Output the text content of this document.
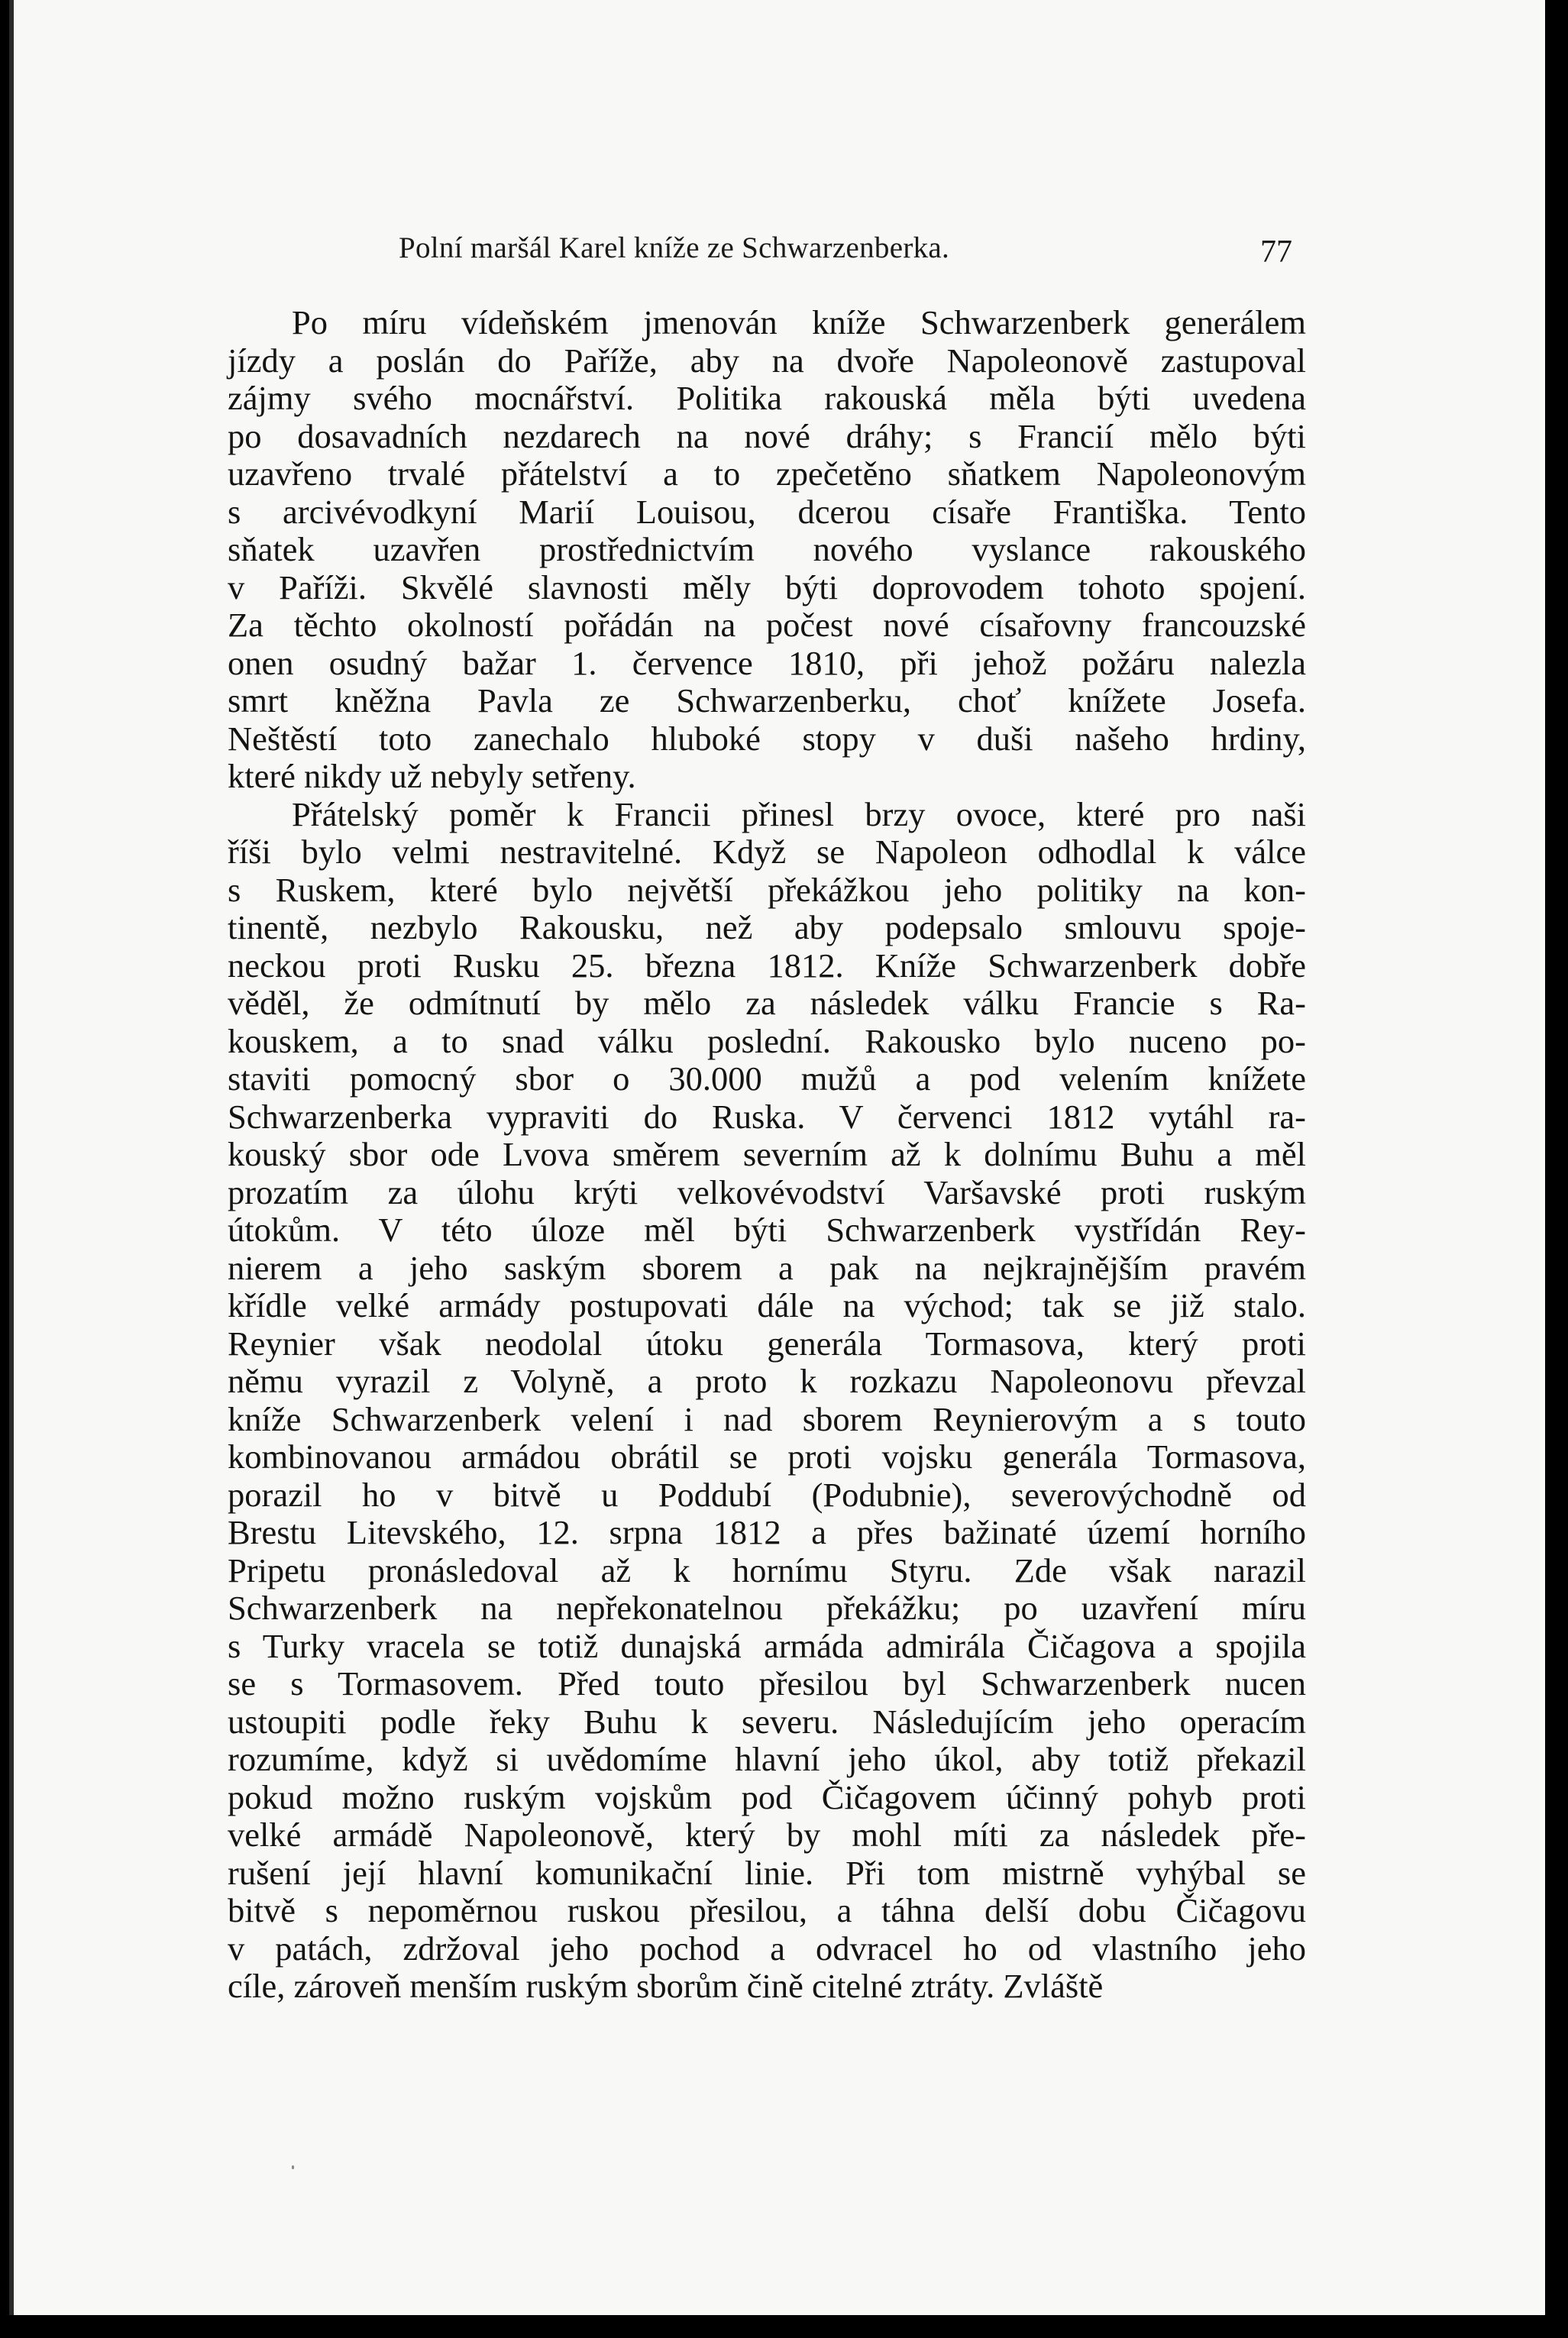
Polní maršál Karel kníže ze Schwarzenberka.	77

Po míru vídeňském jmenován kníže Schwarzenberk generálem
jízdy a poslán do Paříže, aby na dvoře Napoleonově zastupoval
zájmy svého mocnářství. Politika rakouská měla býti uvedena
po dosavadních nezdarech na nové dráhy; s Francií mělo býti
uzavřeno trvalé přátelství a to zpečetěno sňatkem Napoleonovým
s arcivévodkyní Marií Louisou, dcerou císaře Františka. Tento
sňatek uzavřen prostřednictvím nového vyslance rakouského
v Paříži. Skvělé slavnosti měly býti doprovodem tohoto spojení.
Za těchto okolností pořádán na počest nové císařovny francouzské
onen osudný bažar 1. července 1810, při jehož požáru nalezla
smrt kněžna Pavla ze Schwarzenberku, choť knížete Josefa.
Neštěstí toto zanechalo hluboké stopy v duši našeho hrdiny,
které nikdy už nebyly setřeny.

Přátelský poměr k Francii přinesl brzy ovoce, které pro naši
říši bylo velmi nestravitelné. Když se Napoleon odhodlal k válce
s Ruskem, které bylo největší překážkou jeho politiky na kon-
tinentě, nezbylo Rakousku, než aby podepsalo smlouvu spoje-
neckou proti Rusku 25. března 1812. Kníže Schwarzenberk dobře
věděl, že odmítnutí by mělo za následek válku Francie s Ra-
kouskem, a to snad válku poslední. Rakousko bylo nuceno po-
staviti pomocný sbor o 30.000 mužů a pod velením knížete
Schwarzenberka vypraviti do Ruska. V červenci 1812 vytáhl ra-
kouský sbor ode Lvova směrem severním až k dolnímu Buhu a měl
prozatím za úlohu krýti velkovévodství Varšavské proti ruským
útokům. V této úloze měl býti Schwarzenberk vystřídán Rey-
nierem a jeho saským sborem a pak na nejkrajnějším pravém
křídle velké armády postupovati dále na východ; tak se již stalo.
Reynier však neodolal útoku generála Tormasova, který proti
němu vyrazil z Volyně, a proto k rozkazu Napoleonovu převzal
kníže Schwarzenberk velení i nad sborem Reynierovým a s touto
kombinovanou armádou obrátil se proti vojsku generála Tormasova,
porazil ho v bitvě u Poddubí (Podubnie), severovýchodně od
Brestu Litevského, 12. srpna 1812 a přes bažinaté území horního
Pripetu pronásledoval až k hornímu Styru. Zde však narazil
Schwarzenberk na nepřekonatelnou překážku; po uzavření míru
s Turky vracela se totiž dunajská armáda admirála Čičagova a spojila
se s Tormasovem. Před touto přesilou byl Schwarzenberk nucen
ustoupiti podle řeky Buhu k severu. Následujícím jeho operacím
rozumíme, když si uvědomíme hlavní jeho úkol, aby totiž překazil
pokud možno ruským vojskům pod Čičagovem účinný pohyb proti
velké armádě Napoleonově, který by mohl míti za následek pře-
rušení její hlavní komunikační linie. Při tom mistrně vyhýbal se
bitvě s nepoměrnou ruskou přesilou, a táhna delší dobu Čičagovu
v patách, zdržoval jeho pochod a odvracel ho od vlastního jeho
cíle, zároveň menším ruským sborům čině citelné ztráty. Zvláště
